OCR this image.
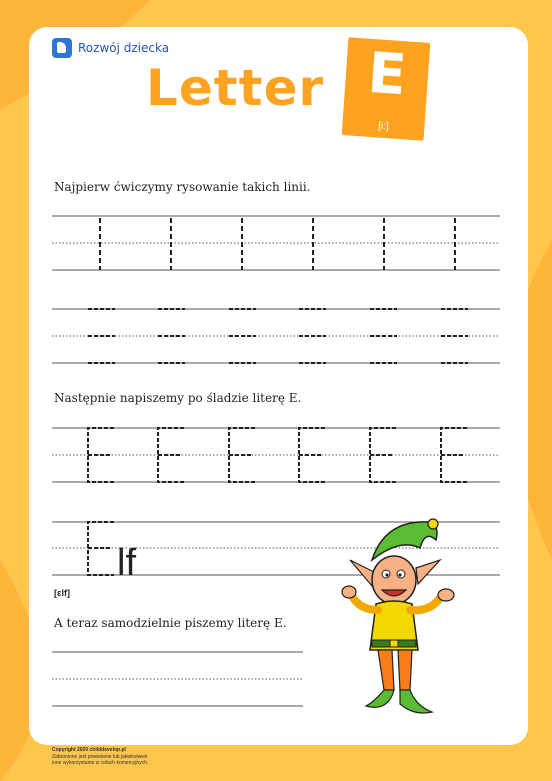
Rozwój dziecka
Letter E
[i:]
Najpierw ćwiczymy rysowanie takich linii.
Następnie napiszemy po śladzie literę E.
A teraz samodzielnie piszemy literę E.
lf
[ɛlf]
Copyright 2020 childdevelop.pl
Zabronione jest powielanie lub jakiekolwiek
inne wykorzystanie w celach komercyjnych.
